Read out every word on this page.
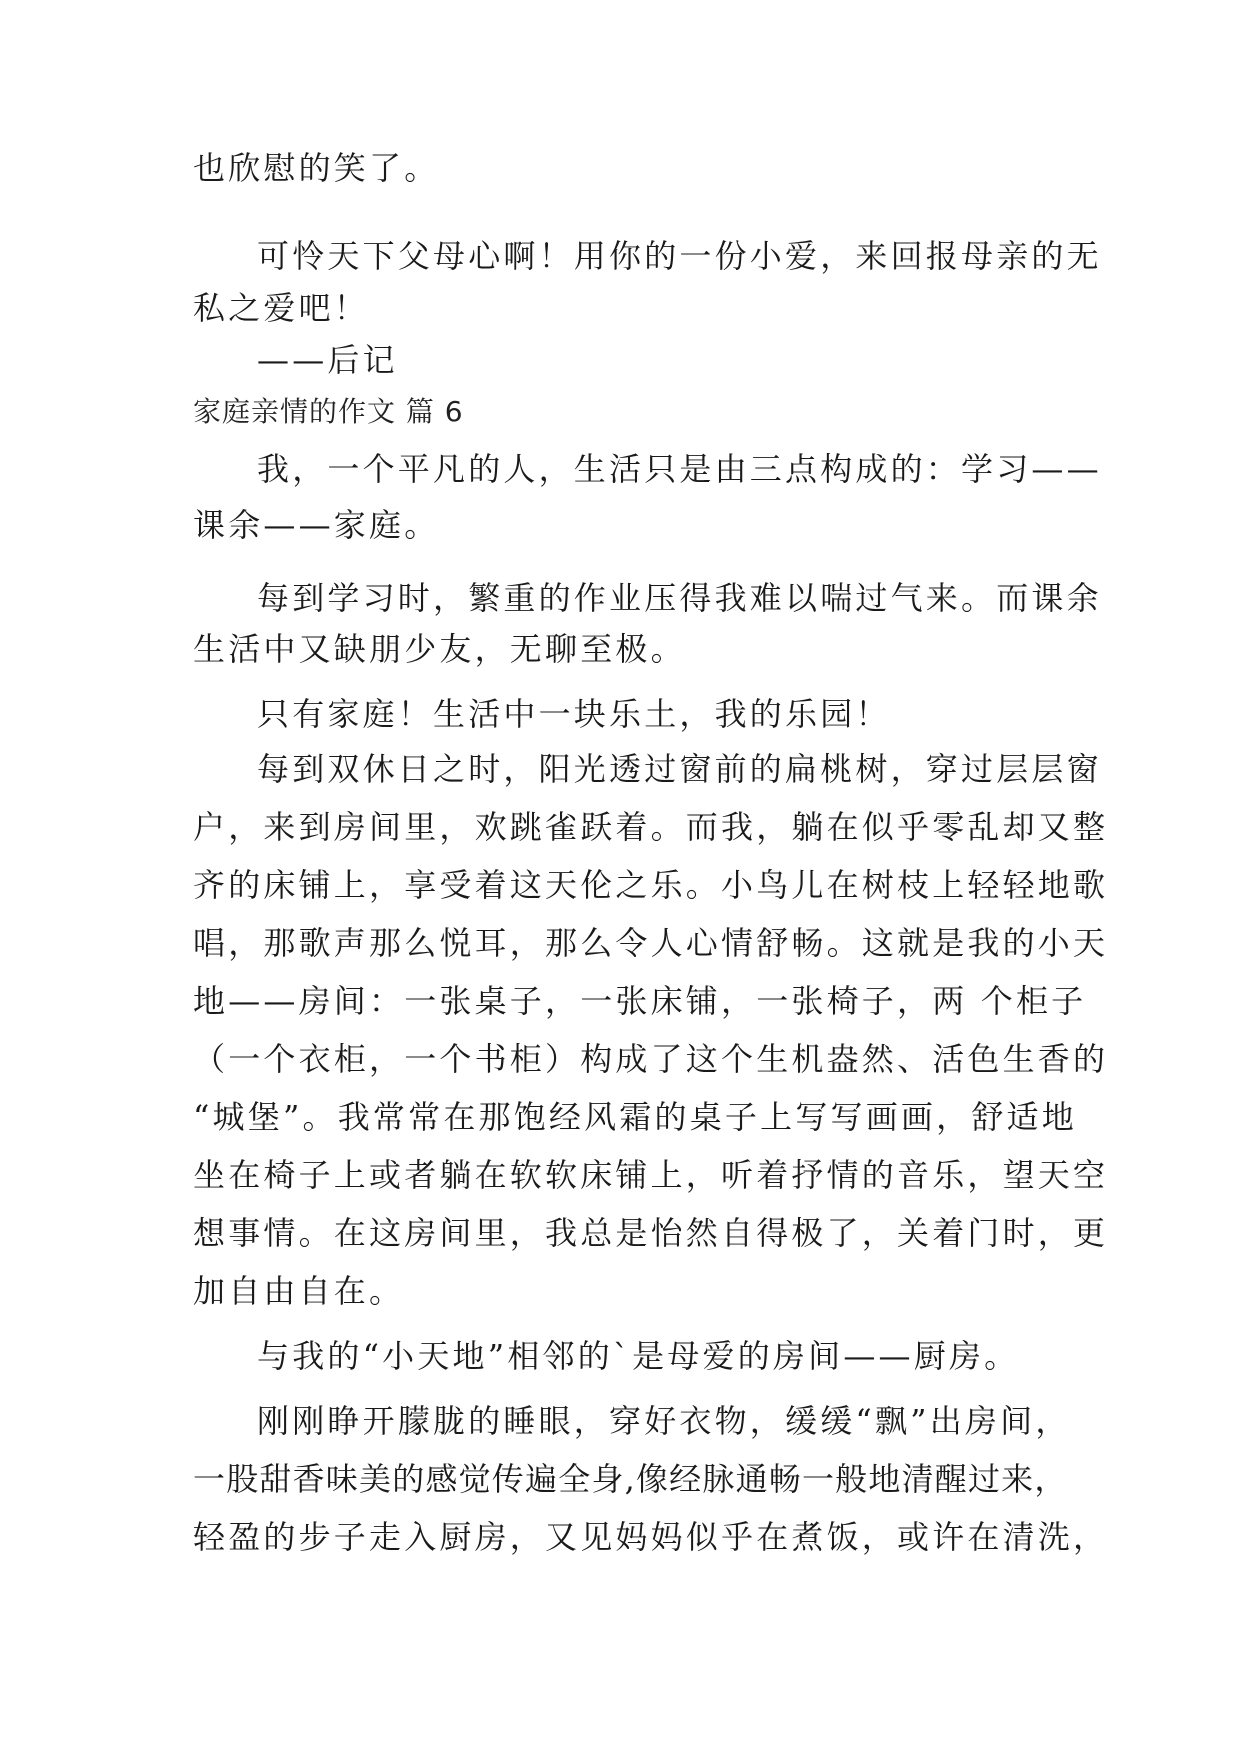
也欣慰的笑了。
可怜天下父母心啊！用你的一份小爱，来回报母亲的无
私之爱吧！
——后记
家庭亲情的作文 篇 6
我，一个平凡的人，生活只是由三点构成的：学习——
课余——家庭。
每到学习时，繁重的作业压得我难以喘过气来。而课余
生活中又缺朋少友，无聊至极。
只有家庭！生活中一块乐土，我的乐园！
每到双休日之时，阳光透过窗前的扁桃树，穿过层层窗
户，来到房间里，欢跳雀跃着。而我，躺在似乎零乱却又整
齐的床铺上，享受着这天伦之乐。小鸟儿在树枝上轻轻地歌
唱，那歌声那么悦耳，那么令人心情舒畅。这就是我的小天
地——房间：一张桌子，一张床铺，一张椅子，两 个柜子
（一个衣柜，一个书柜）构成了这个生机盎然、活色生香的
“城堡”。我常常在那饱经风霜的桌子上写写画画，舒适地
坐在椅子上或者躺在软软床铺上，听着抒情的音乐，望天空
想事情。在这房间里，我总是怡然自得极了，关着门时，更
加自由自在。
与我的“小天地”相邻的`是母爱的房间——厨房。
刚刚睁开朦胧的睡眼，穿好衣物，缓缓“飘”出房间，
一股甜香味美的感觉传遍全身,像经脉通畅一般地清醒过来，
轻盈的步子走入厨房，又见妈妈似乎在煮饭，或许在清洗，
